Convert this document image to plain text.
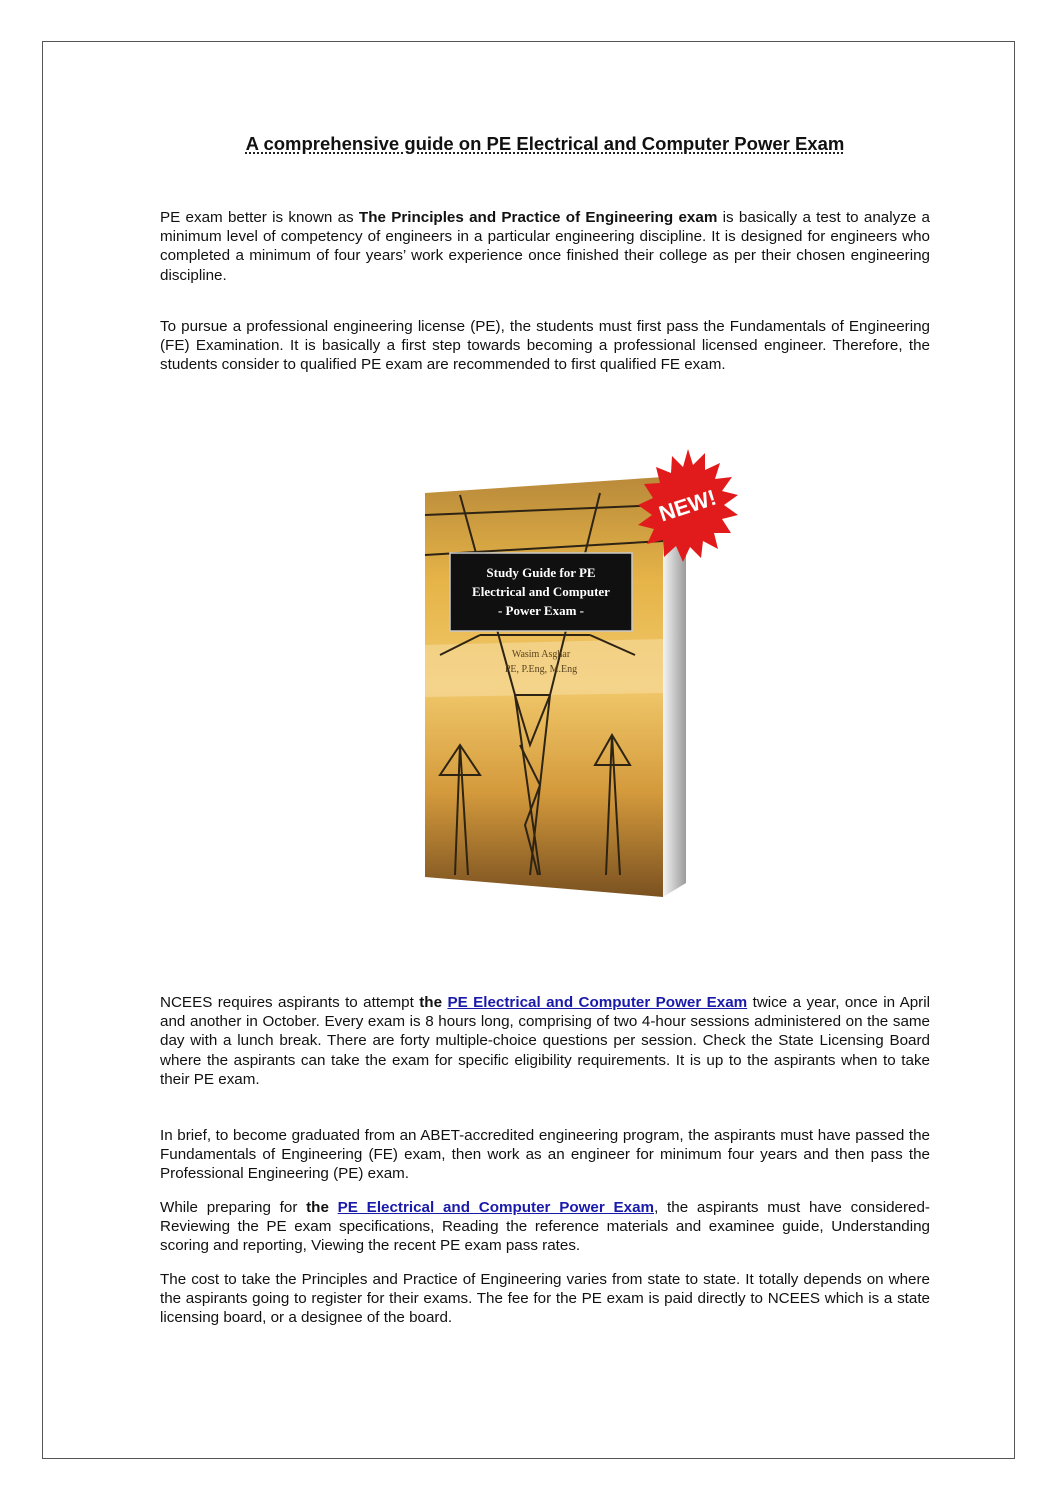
A comprehensive guide on PE Electrical and Computer Power Exam

PE exam better is known as The Principles and Practice of Engineering exam is basically a test to analyze a minimum level of competency of engineers in a particular engineering discipline. It is designed for engineers who completed a minimum of four years’ work experience once finished their college as per their chosen engineering discipline.

To pursue a professional engineering license (PE), the students must first pass the Fundamentals of Engineering (FE) Examination. It is basically a first step towards becoming a professional licensed engineer. Therefore, the students consider to qualified PE exam are recommended to first qualified FE exam.

Study Guide for PE
Electrical and Computer
- Power Exam -
Wasim Asghar
PE, P.Eng, M.Eng
NEW!

NCEES requires aspirants to attempt the PE Electrical and Computer Power Exam twice a year, once in April and another in October. Every exam is 8 hours long, comprising of two 4-hour sessions administered on the same day with a lunch break. There are forty multiple-choice questions per session. Check the State Licensing Board where the aspirants can take the exam for specific eligibility requirements. It is up to the aspirants when to take their PE exam.

In brief, to become graduated from an ABET-accredited engineering program, the aspirants must have passed the Fundamentals of Engineering (FE) exam, then work as an engineer for minimum four years and then pass the Professional Engineering (PE) exam.

While preparing for the PE Electrical and Computer Power Exam, the aspirants must have considered- Reviewing the PE exam specifications, Reading the reference materials and examinee guide, Understanding scoring and reporting, Viewing the recent PE exam pass rates.

The cost to take the Principles and Practice of Engineering varies from state to state. It totally depends on where the aspirants going to register for their exams. The fee for the PE exam is paid directly to NCEES which is a state licensing board, or a designee of the board.
